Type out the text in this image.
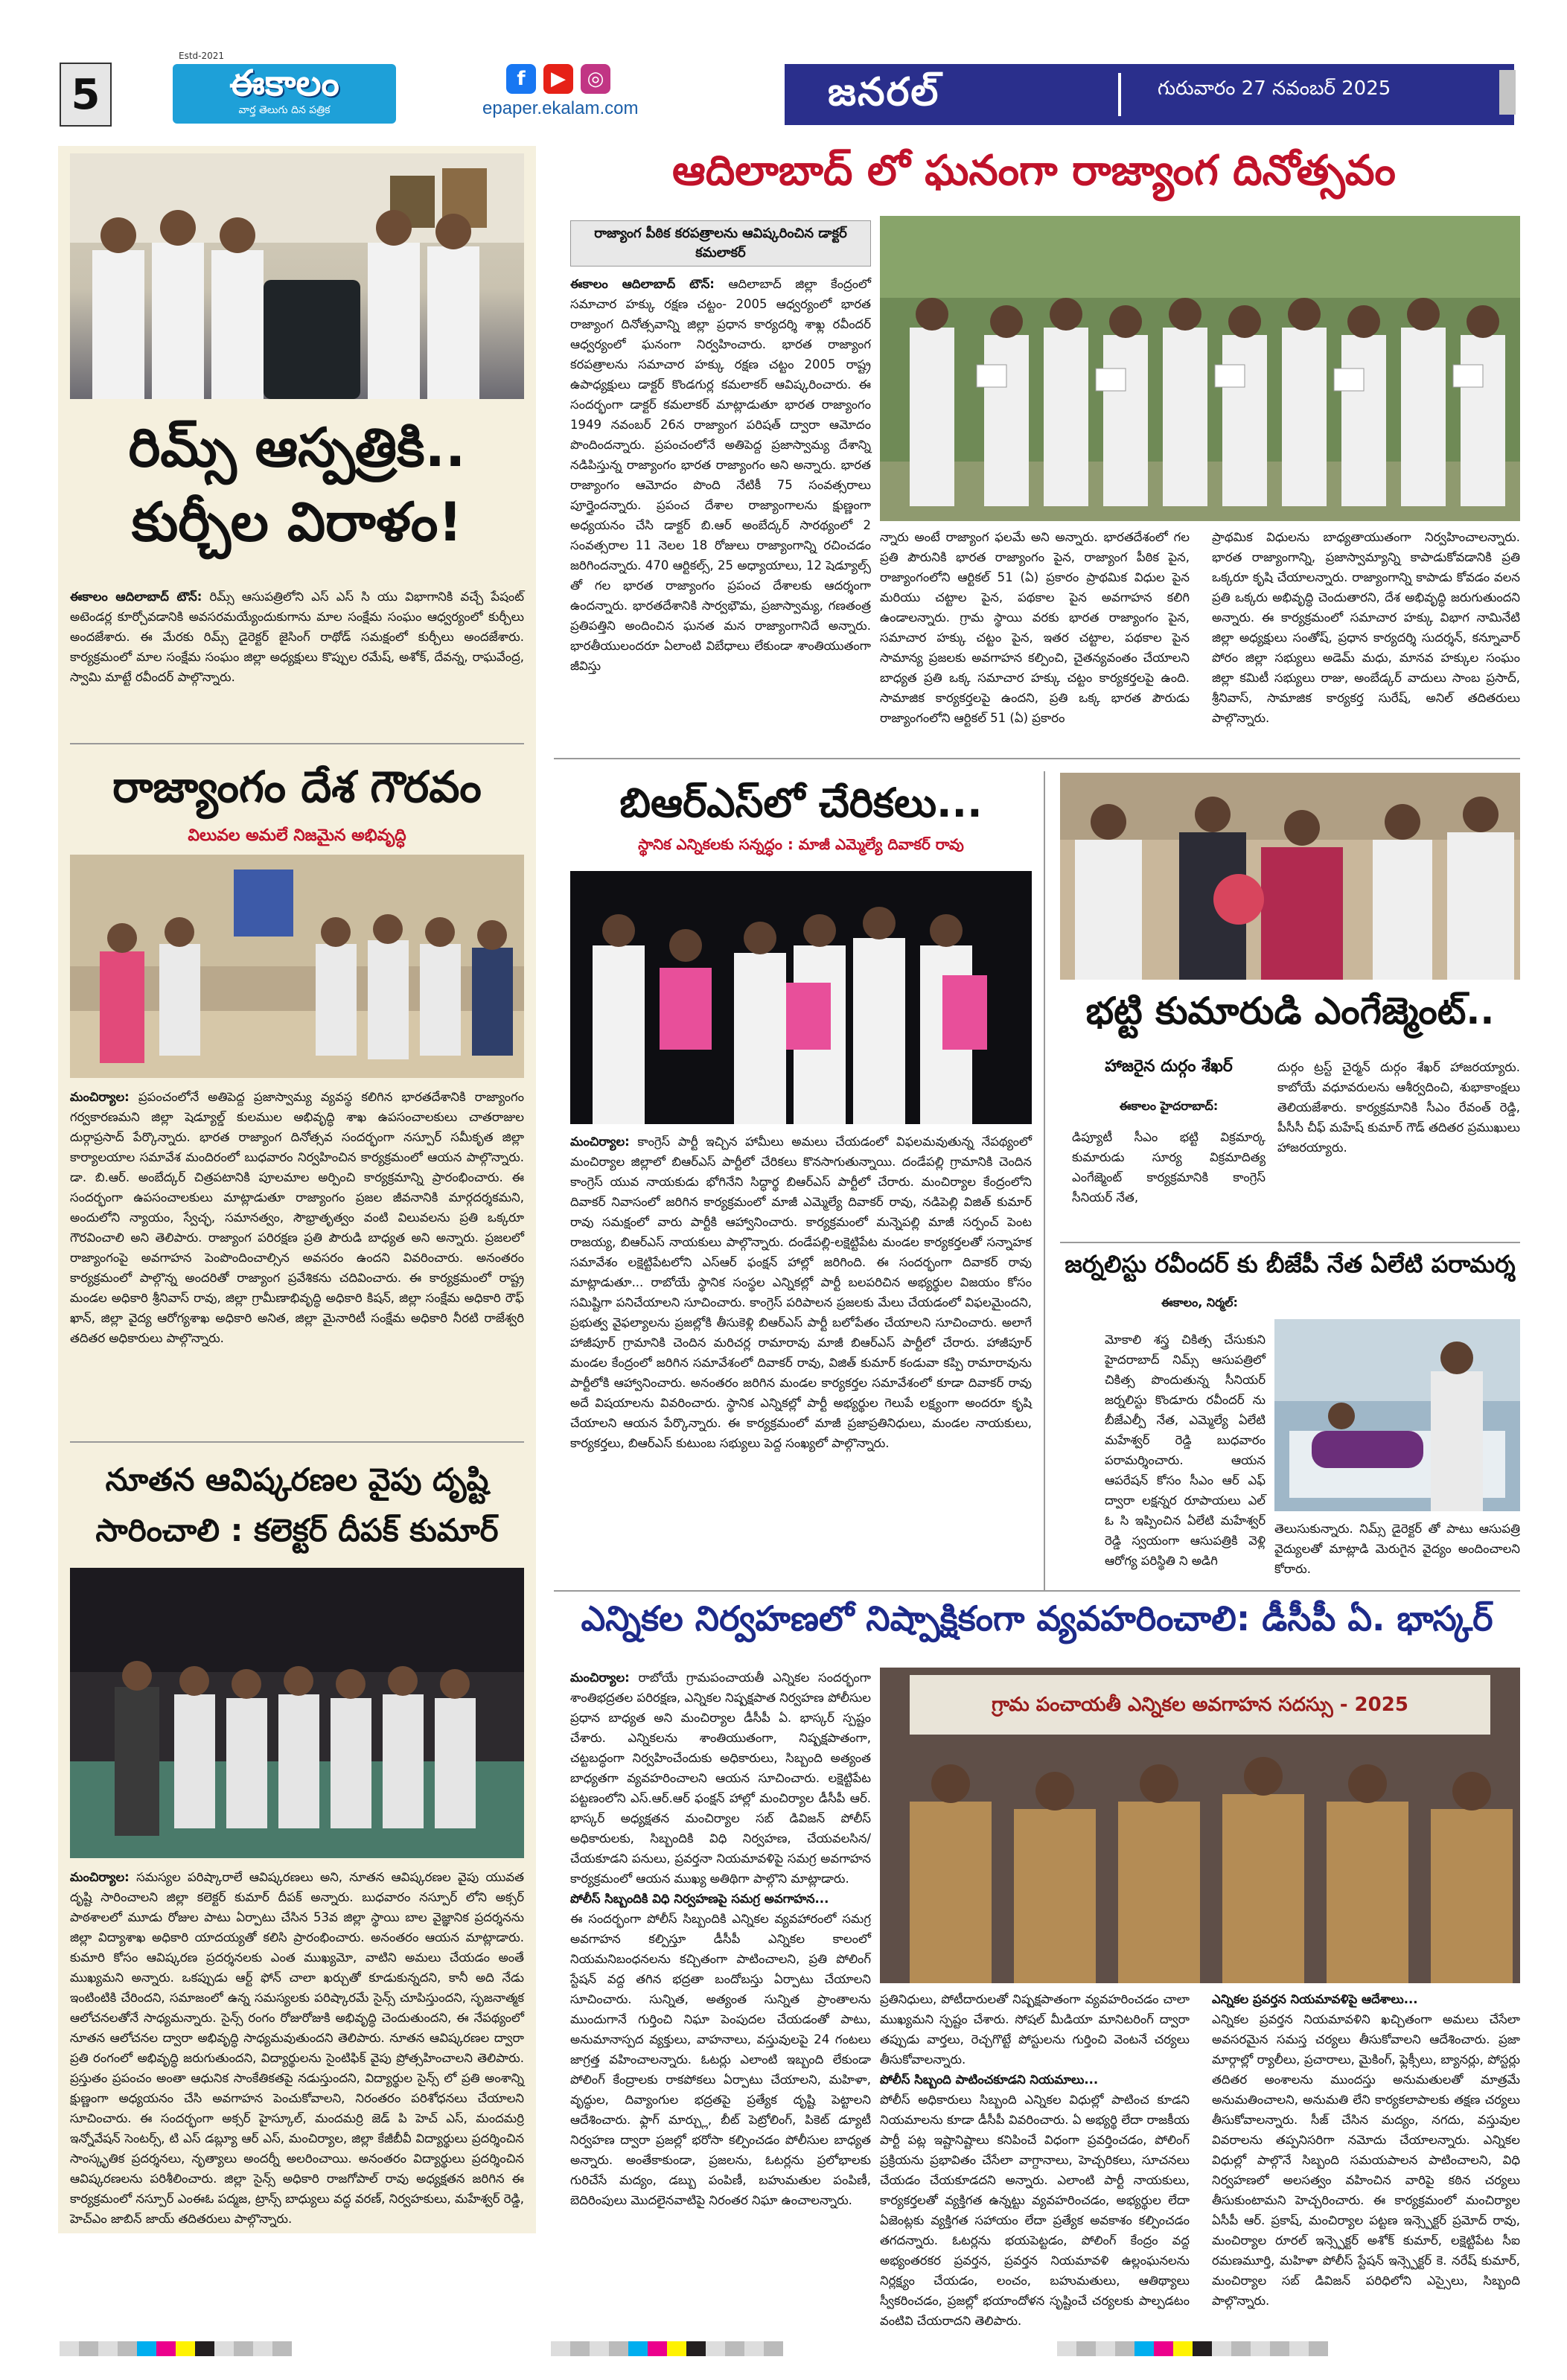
5
Estd-2021
ఈకాలం
వార్త తెలుగు దిన పత్రిక
f ▶ ◎
epaper.ekalam.com	జనరల్	గురువారం 27 నవంబర్ 2025
రిమ్స్ ఆస్పత్రికి..
కుర్చీల విరాళం!
ఈకాలం ఆదిలాబాద్ టౌన్: రిమ్స్ ఆసుపత్రిలోని ఎస్ ఎస్ సి యు విభాగానికి వచ్చే పేషంట్ అటెండర్ల కూర్చోవడానికి అవసరమయ్యేందుకుగాను మాల సంక్షేమ సంఘం ఆధ్వర్యంలో కుర్చీలు అందజేశారు. ఈ మేరకు రిమ్స్ డైరెక్టర్ జైసింగ్ రాథోడ్ సమక్షంలో కుర్చీలు అందజేశారు. కార్యక్రమంలో మాల సంక్షేమ సంఘం జిల్లా అధ్యక్షులు కొప్పుల రమేష్, అశోక్, దేవన్న, రాఘవేంద్ర, స్వామి మాట్టే రవీందర్ పాల్గొన్నారు.
రాజ్యాంగం దేశ గౌరవం
విలువల అమలే నిజమైన అభివృద్ధి
మంచిర్యాల: ప్రపంచంలోనే అతిపెద్ద ప్రజాస్వామ్య వ్యవస్థ కలిగిన భారతదేశానికి రాజ్యాంగం గర్వకారణమని జిల్లా షెడ్యూల్డ్ కులముల అభివృద్ధి శాఖ ఉపసంచాలకులు చాతరాజుల దుర్గాప్రసాద్ పేర్కొన్నారు. భారత రాజ్యాంగ దినోత్సవ సందర్భంగా నస్పూర్ సమీకృత జిల్లా కార్యాలయాల సమావేశ మందిరంలో బుధవారం నిర్వహించిన కార్యక్రమంలో ఆయన పాల్గొన్నారు. డా. బి.ఆర్. అంబేద్కర్ చిత్రపటానికి పూలమాల అర్పించి కార్యక్రమాన్ని ప్రారంభించారు. ఈ సందర్భంగా ఉపసంచాలకులు మాట్లాడుతూ రాజ్యాంగం ప్రజల జీవనానికి మార్గదర్శకమని, అందులోని న్యాయం, స్వేచ్ఛ, సమానత్వం, సౌభ్రాతృత్వం వంటి విలువలను ప్రతి ఒక్కరూ గౌరవించాలి అని తెలిపారు. రాజ్యాంగ పరిరక్షణ ప్రతి పౌరుడి బాధ్యత అని అన్నారు. ప్రజలలో రాజ్యాంగంపై అవగాహన పెంపొందించాల్సిన అవసరం ఉందని వివరించారు. అనంతరం కార్యక్రమంలో పాల్గొన్న అందరితో రాజ్యాంగ ప్రవేశికను చదివించారు. ఈ కార్యక్రమంలో రాష్ట్ర మండల అధికారి శ్రీనివాస్ రావు, జిల్లా గ్రామీణాభివృద్ధి అధికారి కిషన్, జిల్లా సంక్షేమ అధికారి రౌఫ్ ఖాన్, జిల్లా వైద్య ఆరోగ్యశాఖ అధికారి అనిత, జిల్లా మైనారిటీ సంక్షేమ అధికారి నీరటి రాజేశ్వరి తదితర అధికారులు పాల్గొన్నారు.
నూతన ఆవిష్కరణల వైపు దృష్టి
సారించాలి : కలెక్టర్ దీపక్ కుమార్
మంచిర్యాల: సమస్యల పరిష్కారాలే ఆవిష్కరణలు అని, నూతన ఆవిష్కరణల వైపు యువత దృష్టి సారించాలని జిల్లా కలెక్టర్ కుమార్ దీపక్ అన్నారు. బుధవారం నస్పూర్ లోని అక్సర్ పాఠశాలలో మూడు రోజుల పాటు ఏర్పాటు చేసిన 53వ జిల్లా స్థాయి బాల వైజ్ఞానిక ప్రదర్శనను జిల్లా విద్యాశాఖ అధికారి యాదయ్యతో కలిసి ప్రారంభించారు. అనంతరం ఆయన మాట్లాడారు. కుమారి కోసం ఆవిష్కరణ ప్రదర్శనలకు ఎంత ముఖ్యమో, వాటిని అమలు చేయడం అంతే ముఖ్యమని అన్నారు. ఒకప్పుడు ఆర్ట్ ఫోన్ చాలా ఖర్చుతో కూడుకున్నదని, కానీ అది నేడు ఇంటింటికి చేరిందని, సమాజంలో ఉన్న సమస్యలకు పరిష్కారమే సైన్స్ చూపిస్తుందని, సృజనాత్మక ఆలోచనలతోనే సాధ్యమన్నారు. సైన్స్ రంగం రోజురోజుకి అభివృద్ధి చెందుతుందని, ఈ నేపథ్యంలో నూతన ఆలోచనల ద్వారా అభివృద్ధి సాధ్యమవుతుందని తెలిపారు. నూతన ఆవిష్కరణల ద్వారా ప్రతి రంగంలో అభివృద్ధి జరుగుతుందని, విద్యార్థులను సైంటిఫిక్ వైపు ప్రోత్సహించాలని తెలిపారు. ప్రస్తుతం ప్రపంచం అంతా ఆధునిక సాంకేతికతపై నడుస్తుందని, విద్యార్థుల సైన్స్ లో ప్రతి అంశాన్ని క్షుణ్ణంగా అధ్యయనం చేసి అవగాహన పెంచుకోవాలని, నిరంతరం పరిశోధనలు చేయాలని సూచించారు. ఈ సందర్భంగా అక్సర్ హైస్కూల్, మందమర్రి జెడ్ పి హెచ్ ఎస్, మందమర్రి ఇన్నోవేషన్ సెంటర్స్, టి ఎస్ డబ్ల్యూ ఆర్ ఎస్, మంచిర్యాల, జిల్లా కేజీబీవీ విద్యార్థులు ప్రదర్శించిన సాంస్కృతిక ప్రదర్శనలు, నృత్యాలు అందర్నీ అలరించాయి. అనంతరం విద్యార్థులు ప్రదర్శించిన ఆవిష్కరణలను పరిశీలించారు. జిల్లా సైన్స్ అధికారి రాజగోపాల్ రావు అధ్యక్షతన జరిగిన ఈ కార్యక్రమంలో నస్పూర్ ఎంఈఓ పద్మజ, ట్రాన్స్ బాధ్యులు వద్ధ వరణ్, నిర్వహకులు, మహేశ్వర్ రెడ్డి, హెచ్ఎం జాబిన్ జాయ్ తదితరులు పాల్గొన్నారు.
ఆదిలాబాద్ లో ఘనంగా రాజ్యాంగ దినోత్సవం
రాజ్యాంగ పీఠిక కరపత్రాలను ఆవిష్కరించిన డాక్టర్ కమలాకర్
ఈకాలం ఆదిలాబాద్ టౌన్: ఆదిలాబాద్ జిల్లా కేంద్రంలో సమాచార హక్కు రక్షణ చట్టం- 2005 ఆధ్వర్యంలో భారత రాజ్యాంగ దినోత్సవాన్ని జిల్లా ప్రధాన కార్యదర్శి శాఖ్ల రవీందర్ ఆధ్వర్యంలో ఘనంగా నిర్వహించారు. భారత రాజ్యాంగ కరపత్రాలను సమాచార హక్కు రక్షణ చట్టం 2005 రాష్ట్ర ఉపాధ్యక్షులు డాక్టర్ కొండగుర్ల కమలాకర్ ఆవిష్కరించారు. ఈ సందర్భంగా డాక్టర్ కమలాకర్ మాట్లాడుతూ భారత రాజ్యాంగం 1949 నవంబర్ 26న రాజ్యాంగ పరిషత్ ద్వారా ఆమోదం పొందిందన్నారు. ప్రపంచంలోనే అతిపెద్ద ప్రజాస్వామ్య దేశాన్ని నడిపిస్తున్న రాజ్యాంగం భారత రాజ్యాంగం అని అన్నారు. భారత రాజ్యాంగం ఆమోదం పొంది నేటికీ 75 సంవత్సరాలు పూర్తైందన్నారు. ప్రపంచ దేశాల రాజ్యాంగాలను క్షుణ్ణంగా అధ్యయనం చేసి డాక్టర్ బి.ఆర్ అంబేద్కర్ సారథ్యంలో 2 సంవత్సరాల 11 నెలల 18 రోజులు రాజ్యాంగాన్ని రచించడం జరిగిందన్నారు. 470 ఆర్టికల్స్, 25 అధ్యాయాలు, 12 షెడ్యూల్స్ తో గల భారత రాజ్యాంగం ప్రపంచ దేశాలకు ఆదర్శంగా ఉందన్నారు. భారతదేశానికి సార్వభౌమ, ప్రజాస్వామ్య, గణతంత్ర ప్రతిపత్తిని అందించిన ఘనత మన రాజ్యాంగానిదే అన్నారు. భారతీయులందరూ ఏలాంటి విబేధాలు లేకుండా శాంతియుతంగా జీవిస్తు
న్నారు అంటే రాజ్యాంగ ఫలమే అని అన్నారు. భారతదేశంలో గల ప్రతి పౌరునికి భారత రాజ్యాంగం పైన, రాజ్యాంగ పీఠిక పైన, రాజ్యాంగంలోని ఆర్టికల్ 51 (ఏ) ప్రకారం ప్రాథమిక విధుల పైన మరియు చట్టాల పైన, పథకాల పైన అవగాహన కలిగి ఉండాలన్నారు. గ్రామ స్థాయి వరకు భారత రాజ్యాంగం పైన, సమాచార హక్కు చట్టం పైన, ఇతర చట్టాల, పథకాల పైన సామాన్య ప్రజలకు అవగాహన కల్పించి, చైతన్యవంతం చేయాలని బాధ్యత ప్రతి ఒక్క సమాచార హక్కు చట్టం కార్యకర్తలపై ఉంది. సామాజిక కార్యకర్తలపై ఉందని, ప్రతి ఒక్క భారత పౌరుడు రాజ్యాంగంలోని ఆర్టికల్ 51 (ఏ) ప్రకారం
ప్రాథమిక విధులను బాధ్యతాయుతంగా నిర్వహించాలన్నారు. భారత రాజ్యాంగాన్ని, ప్రజాస్వామ్యాన్ని కాపాడుకోవడానికి ప్రతి ఒక్కరూ కృషి చేయాలన్నారు. రాజ్యాంగాన్ని కాపాడు కోవడం వలన ప్రతి ఒక్కరు అభివృద్ధి చెందుతారని, దేశ అభివృద్ధి జరుగుతుందని అన్నారు. ఈ కార్యక్రమంలో సమాచార హక్కు విభాగ నామినేటి జిల్లా అధ్యక్షులు సంతోష్, ప్రధాన కార్యదర్శి సుదర్శన్, కన్నూవార్ పోరం జిల్లా సభ్యులు అడెమ్ మధు, మానవ హక్కుల సంఘం జిల్లా కమిటీ సభ్యులు రాజు, అంబేడ్కర్ వాదులు సాంబ ప్రసాద్, శ్రీనివాస్, సామాజిక కార్యకర్త సురేష్, అనిల్ తదితరులు పాల్గొన్నారు.
బిఆర్ఎస్‌లో చేరికలు...
స్థానిక ఎన్నికలకు సన్నద్ధం : మాజీ ఎమ్మెల్యే దివాకర్ రావు
మంచిర్యాల: కాంగ్రెస్ పార్టీ ఇచ్చిన హామీలు అమలు చేయడంలో విఫలమవుతున్న నేపథ్యంలో మంచిర్యాల జిల్లాలో బిఆర్ఎస్ పార్టీలో చేరికలు కొనసాగుతున్నాయి. దండేపల్లి గ్రామానికి చెందిన కాంగ్రెస్ యువ నాయకుడు భోగినేని సిద్ధార్థ బిఆర్ఎస్ పార్టీలో చేరారు. మంచిర్యాల కేంద్రంలోని దివాకర్ నివాసంలో జరిగిన కార్యక్రమంలో మాజీ ఎమ్మెల్యే దివాకర్ రావు, నడిపెల్లి విజిత్ కుమార్ రావు సమక్షంలో వారు పార్టీకి ఆహ్వానించారు. కార్యక్రమంలో మన్నెపల్లి మాజీ సర్పంచ్ పెంట రాజయ్య, బిఆర్ఎస్ నాయకులు పాల్గొన్నారు. దండేపల్లి-లక్షెట్టిపేట మండల కార్యకర్తలతో సన్నాహక సమావేశం లక్షెట్టిపేటలోని ఎస్ఆర్ ఫంక్షన్ హాల్లో జరిగింది. ఈ సందర్భంగా దివాకర్ రావు మాట్లాడుతూ... రాబోయే స్థానిక సంస్థల ఎన్నికల్లో పార్టీ బలపరిచిన అభ్యర్థుల విజయం కోసం సమిష్టిగా పనిచేయాలని సూచించారు. కాంగ్రెస్ పరిపాలన ప్రజలకు మేలు చేయడంలో విఫలమైందని, ప్రభుత్వ వైఫల్యాలను ప్రజల్లోకి తీసుకెళ్లి బిఆర్ఎస్ పార్టీ బలోపేతం చేయాలని సూచించారు. అలాగే హాజీపూర్ గ్రామానికి చెందిన మరిచర్ల రామారావు మాజీ బిఆర్ఎస్ పార్టీలో చేరారు. హాజీపూర్ మండల కేంద్రంలో జరిగిన సమావేశంలో దివాకర్ రావు, విజిత్ కుమార్ కండువా కప్పి రామారావును పార్టీలోకి ఆహ్వానించారు. అనంతరం జరిగిన మండల కార్యకర్తల సమావేశంలో కూడా దివాకర్ రావు అదే విషయాలను వివరించారు. స్థానిక ఎన్నికల్లో పార్టీ అభ్యర్థుల గెలుపే లక్ష్యంగా అందరూ కృషి చేయాలని ఆయన పేర్కొన్నారు. ఈ కార్యక్రమంలో మాజీ ప్రజాప్రతినిధులు, మండల నాయకులు, కార్యకర్తలు, బిఆర్ఎస్ కుటుంబ సభ్యులు పెద్ద సంఖ్యలో పాల్గొన్నారు.
భట్టి కుమారుడి ఎంగేజ్మెంట్..
హాజరైన దుర్గం శేఖర్
ఈకాలం హైదరాబాద్:
డిప్యూటీ సీఎం భట్టి విక్రమార్క కుమారుడు సూర్య విక్రమాదిత్య ఎంగేజ్మెంట్ కార్యక్రమానికి కాంగ్రెస్ సీనియర్ నేత,
దుర్గం ట్రస్ట్ చైర్మన్ దుర్గం శేఖర్ హాజరయ్యారు. కాబోయే వధూవరులను ఆశీర్వదించి, శుభాకాంక్షలు తెలియజేశారు. కార్యక్రమానికి సీఎం రేవంత్ రెడ్డి, పీసీసీ చీఫ్ మహేష్ కుమార్ గౌడ్ తదితర ప్రముఖులు హాజరయ్యారు.
జర్నలిస్టు రవీందర్ కు బీజేపీ నేత ఏలేటి పరామర్శ
ఈకాలం, నిర్మల్:
మోకాలి శస్త్ర చికిత్స చేసుకుని హైదరాబాద్ నిమ్స్ ఆసుపత్రిలో చికిత్స పొందుతున్న సీనియర్ జర్నలిస్టు కొండూరు రవీందర్ ను బీజేఎల్పీ నేత, ఎమ్మెల్యే ఏలేటి మహేశ్వర్ రెడ్డి బుధవారం పరామర్శించారు. ఆయన ఆపరేషన్ కోసం సీఎం ఆర్ ఎఫ్ ద్వారా లక్షన్నర రూపాయలు ఎల్ ఓ సి ఇప్పించిన ఏలేటి మహేశ్వర్ రెడ్డి స్వయంగా ఆసుపత్రికి వెళ్లి ఆరోగ్య పరిస్థితి ని అడిగి
తెలుసుకున్నారు. నిమ్స్ డైరెక్టర్ తో పాటు ఆసుపత్రి వైద్యులతో మాట్లాడి మెరుగైన వైద్యం అందించాలని కోరారు.
ఎన్నికల నిర్వహణలో నిష్పాక్షికంగా వ్యవహరించాలి: డీసీపీ ఏ. భాస్కర్
మంచిర్యాల: రాబోయే గ్రామపంచాయతీ ఎన్నికల సందర్భంగా శాంతిభద్రతల పరిరక్షణ, ఎన్నికల నిష్పక్షపాత నిర్వహణ పోలీసుల ప్రధాన బాధ్యత అని మంచిర్యాల డీసీపీ ఏ. భాస్కర్ స్పష్టం చేశారు. ఎన్నికలను శాంతియుతంగా, నిష్పక్షపాతంగా, చట్టబద్ధంగా నిర్వహించేందుకు అధికారులు, సిబ్బంది అత్యంత బాధ్యతగా వ్యవహరించాలని ఆయన సూచించారు. లక్షెట్టిపేట పట్టణంలోని ఎస్.ఆర్.ఆర్ ఫంక్షన్ హాల్లో మంచిర్యాల డీసీపీ ఆర్. భాస్కర్ అధ్యక్షతన మంచిర్యాల సబ్ డివిజన్ పోలీస్ అధికారులకు, సిబ్బందికి విధి నిర్వహణ, చేయవలసిన/చేయకూడని పనులు, ప్రవర్తనా నియమావళిపై సమగ్ర అవగాహన కార్యక్రమంలో ఆయన ముఖ్య అతిథిగా పాల్గొని మాట్లాడారు.
పోలీస్ సిబ్బందికి విధి నిర్వహణపై సమగ్ర అవగాహన...
ఈ సందర్భంగా పోలీస్ సిబ్బందికి ఎన్నికల వ్యవహారంలో సమగ్ర అవగాహన కల్పిస్తూ డీసీపీ ఎన్నికల కాలంలో నియమనిబంధనలను కచ్చితంగా పాటించాలని, ప్రతి పోలింగ్ స్టేషన్ వద్ద తగిన భద్రతా బందోబస్తు ఏర్పాటు చేయాలని సూచించారు. సున్నిత, అత్యంత సున్నిత ప్రాంతాలను ముందుగానే గుర్తించి నిఘా పెంపుదల చేయడంతో పాటు, అనుమానాస్పద వ్యక్తులు, వాహనాలు, వస్తువులపై 24 గంటలు జాగ్రత్త వహించాలన్నారు. ఓటర్లు ఎలాంటి ఇబ్బంది లేకుండా పోలింగ్ కేంద్రాలకు రాకపోకలు ఏర్పాటు చేయాలని, మహిళా, వృద్ధుల, దివ్యాంగుల భద్రతపై ప్రత్యేక దృష్టి పెట్టాలని ఆదేశించారు. ఫ్లాగ్ మార్చ్లు, బీట్ పెట్రోలింగ్, పికెట్ డ్యూటీ నిర్వహణ ద్వారా ప్రజల్లో భరోసా కల్పించడం పోలీసుల బాధ్యత అన్నారు. అంతేకాకుండా, ప్రజలను, ఓటర్లను ప్రలోభాలకు గురిచేసే మద్యం, డబ్బు పంపిణీ, బహుమతుల పంపిణీ, బెదిరింపులు మొదలైనవాటిపై నిరంతర నిఘా ఉంచాలన్నారు.
గ్రామ పంచాయతీ ఎన్నికల అవగాహన సదస్సు - 2025
ప్రతినిధులు, పోటీదారులతో నిష్పక్షపాతంగా వ్యవహరించడం చాలా ముఖ్యమని స్పష్టం చేశారు. సోషల్ మీడియా మానిటరింగ్ ద్వారా తప్పుడు వార్తలు, రెచ్చగొట్టే పోస్టులను గుర్తించి వెంటనే చర్యలు తీసుకోవాలన్నారు.
పోలీస్ సిబ్బంది పాటించకూడని నియమాలు...
పోలీస్ అధికారులు సిబ్బంది ఎన్నికల విధుల్లో పాటించ కూడని నియమాలను కూడా డీసీపీ వివరించారు. ఏ అభ్యర్థి లేదా రాజకీయ పార్టీ పట్ల ఇష్టానిష్టాలు కనిపించే విధంగా ప్రవర్తించడం, పోలింగ్ ప్రక్రియను ప్రభావితం చేసేలా వాగ్దానాలు, హెచ్చరికలు, సూచనలు చేయడం చేయకూడదని అన్నారు. ఎలాంటి పార్టీ నాయకులు, కార్యకర్తలతో వ్యక్తిగత ఉన్నట్టు వ్యవహరించడం, అభ్యర్థుల లేదా ఏజెంట్లకు వ్యక్తిగత సహాయం లేదా ప్రత్యేక అవకాశం కల్పించడం తగదన్నారు. ఓటర్లను భయపెట్టడం, పోలింగ్ కేంద్రం వద్ద అభ్యంతరకర ప్రవర్తన, ప్రవర్తన నియమావళి ఉల్లంఘనలను నిర్లక్ష్యం చేయడం, లంచం, బహుమతులు, ఆతిథ్యాలు స్వీకరించడం, ప్రజల్లో భయాందోళన సృష్టించే చర్యలకు పాల్పడటం వంటివి చేయరాదని తెలిపారు.
ఎన్నికల ప్రవర్తన నియమావళిపై ఆదేశాలు...
ఎన్నికల ప్రవర్తన నియమావళిని ఖచ్చితంగా అమలు చేసేలా అవసరమైన సమస్త చర్యలు తీసుకోవాలని ఆదేశించారు. ప్రజా మార్గాల్లో ర్యాలీలు, ప్రచారాలు, మైకింగ్, ఫ్లెక్సీలు, బ్యానర్లు, పోస్టర్లు తదితర అంశాలను ముందస్తు అనుమతులతో మాత్రమే అనుమతించాలని, అనుమతి లేని కార్యకలాపాలకు తక్షణ చర్యలు తీసుకోవాలన్నారు. సీజ్ చేసిన మద్యం, నగదు, వస్తువుల వివరాలను తప్పనిసరిగా నమోదు చేయాలన్నారు. ఎన్నికల విధుల్లో పాల్గొనే సిబ్బంది సమయపాలన పాటించాలని, విధి నిర్వహణలో అలసత్వం వహించిన వారిపై కఠిన చర్యలు తీసుకుంటామని హెచ్చరించారు. ఈ కార్యక్రమంలో మంచిర్యాల ఏసీపీ ఆర్. ప్రకాష్, మంచిర్యాల పట్టణ ఇన్స్పెక్టర్ ప్రమోద్ రావు, మంచిర్యాల రూరల్ ఇన్స్పెక్టర్ అశోక్ కుమార్, లక్షెట్టిపేట సీఐ రమణమూర్తి, మహిళా పోలీస్ స్టేషన్ ఇన్స్పెక్టర్ కె. నరేష్ కుమార్, మంచిర్యాల సబ్ డివిజన్ పరిధిలోని ఎస్సైలు, సిబ్బంది పాల్గొన్నారు.
